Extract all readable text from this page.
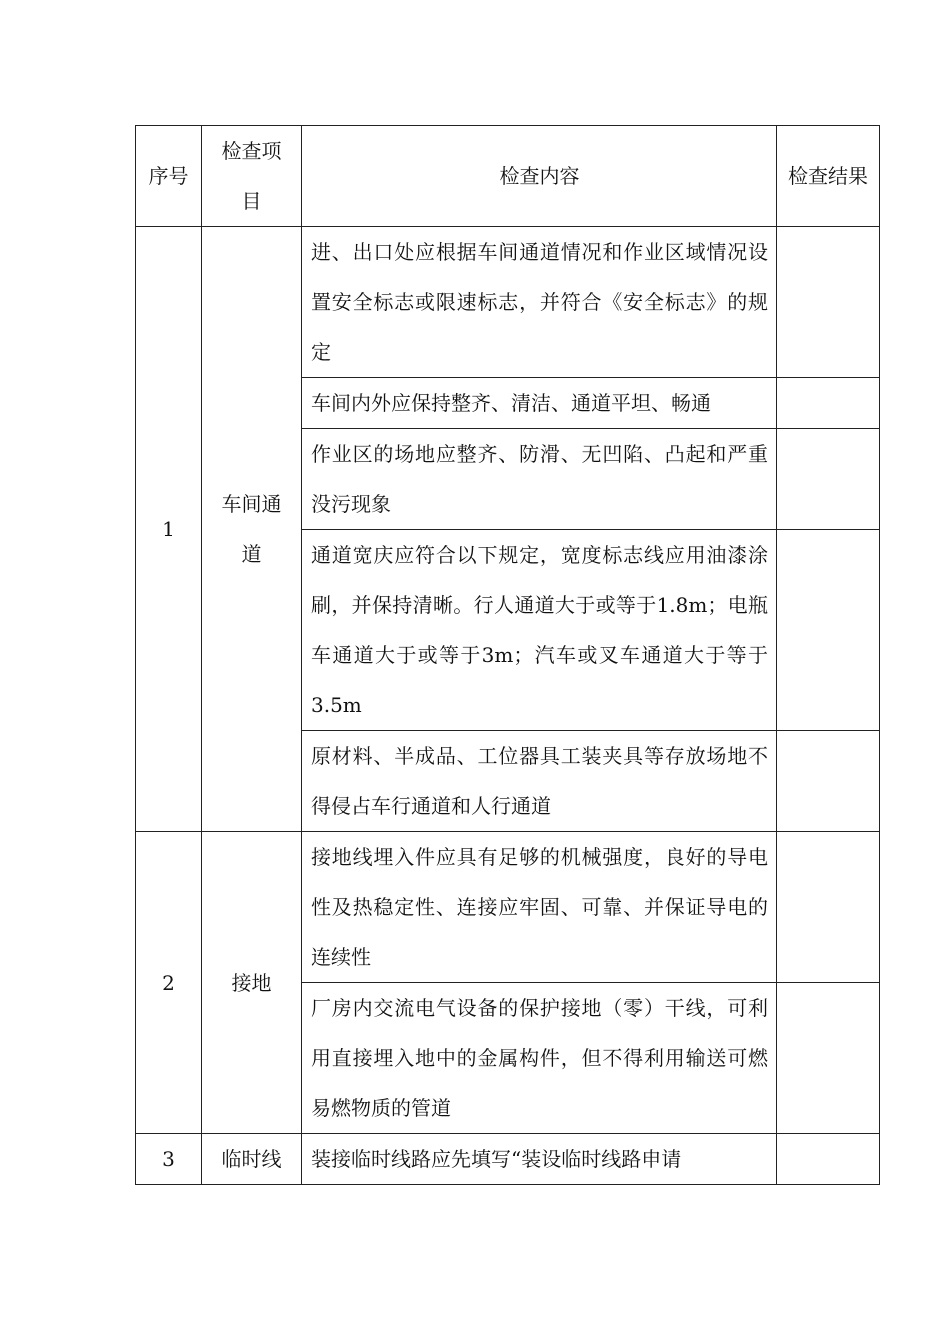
序号	检查项目	检查内容	检查结果
1	车间通道	进、出口处应根据车间通道情况和作业区域情况设置安全标志或限速标志，并符合《安全标志》的规定	
		车间内外应保持整齐、清洁、通道平坦、畅通	
		作业区的场地应整齐、防滑、无凹陷、凸起和严重没污现象	
		通道宽庆应符合以下规定，宽度标志线应用油漆涂刷，并保持清晰。行人通道大于或等于1.8m；电瓶车通道大于或等于3m；汽车或叉车通道大于等于3.5m	
		原材料、半成品、工位器具工装夹具等存放场地不得侵占车行通道和人行通道	
2	接地	接地线埋入件应具有足够的机械强度，良好的导电性及热稳定性、连接应牢固、可靠、并保证导电的连续性	
		厂房内交流电气设备的保护接地（零）干线，可利用直接埋入地中的金属构件，但不得利用输送可燃易燃物质的管道	
3	临时线	装接临时线路应先填写“装设临时线路申请	
